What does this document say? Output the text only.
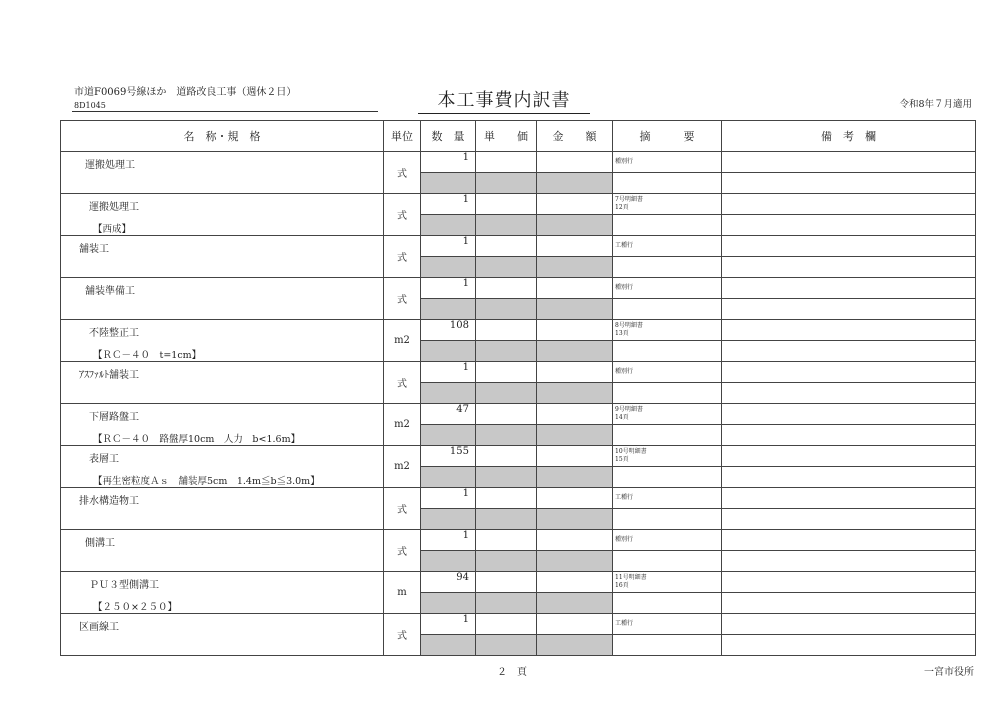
市道F0069号線ほか　道路改良工事（週休２日）
8D1045	本工事費内訳書	令和8年７月適用
名　称・規　格	単位	数　量	単　　価	金　　額	摘　　　要	備　考　欄
運搬処理工	式	1			種別行	

運搬処理工
【西成】	式	1			7号明細書
12頁	

舗装工	式	1			工種行	

舗装準備工	式	1			種別行	

不陸整正工
【ＲＣ－４０　t=1cm】	m2	108			8号明細書
13頁	

ｱｽﾌｧﾙﾄ舗装工	式	1			種別行	

下層路盤工
【ＲＣ－４０　路盤厚10cm　人力　b<1.6m】	m2	47			9号明細書
14頁	

表層工
【再生密粒度Ａｓ　舗装厚5cm　1.4m≦b≦3.0m】	m2	155			10号明細書
15頁	

排水構造物工	式	1			工種行	

側溝工	式	1			種別行	

ＰＵ３型側溝工
【２５０×２５０】	m	94			11号明細書
16頁	

区画線工	式	1			工種行	

２　頁	一宮市役所
